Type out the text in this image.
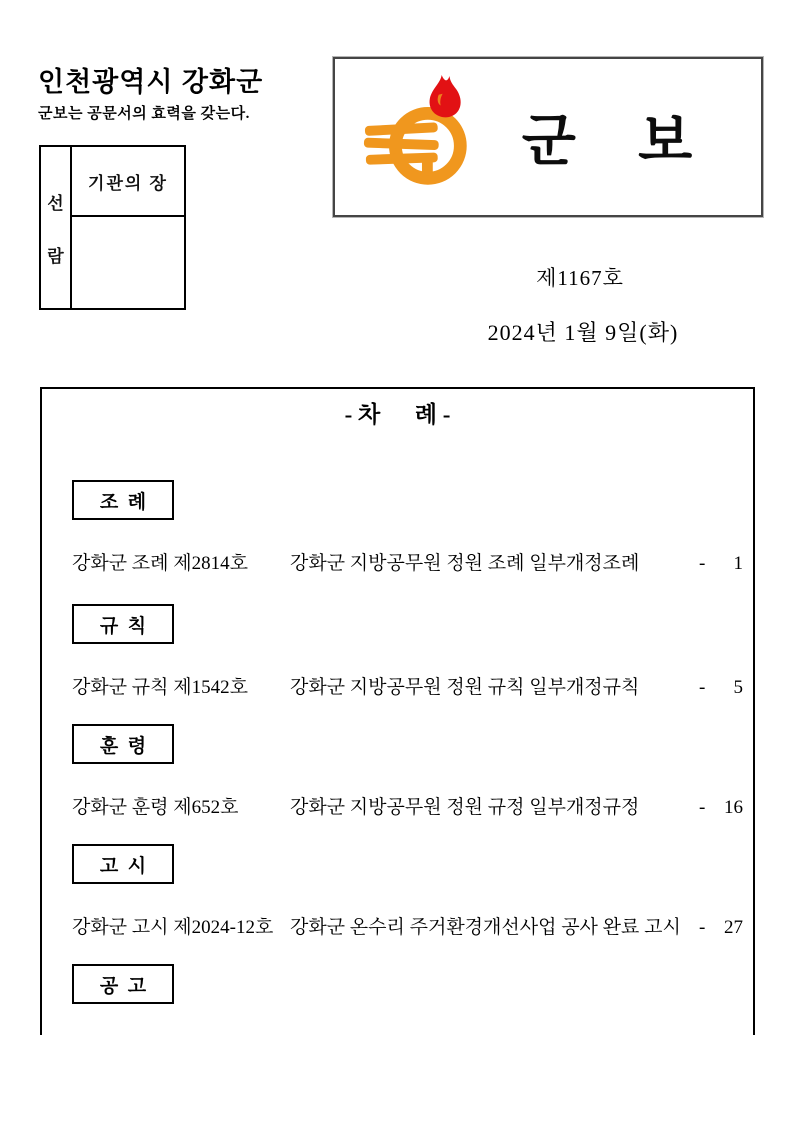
인천광역시 강화군
군보는 공문서의 효력을 갖는다.
선
람
기관의 장
군    보
제1167호
2024년 1월 9일(화)
- 차      례 -
조  례
강화군 조례 제2814호	강화군 지방공무원 정원 조례 일부개정조례	- 1
규  칙
강화군 규칙 제1542호	강화군 지방공무원 정원 규칙 일부개정규칙	- 5
훈  령
강화군 훈령 제652호	강화군 지방공무원 정원 규정 일부개정규정	- 16
고  시
강화군 고시 제2024-12호 강화군 온수리 주거환경개선사업 공사 완료 고시 - 27
공  고
